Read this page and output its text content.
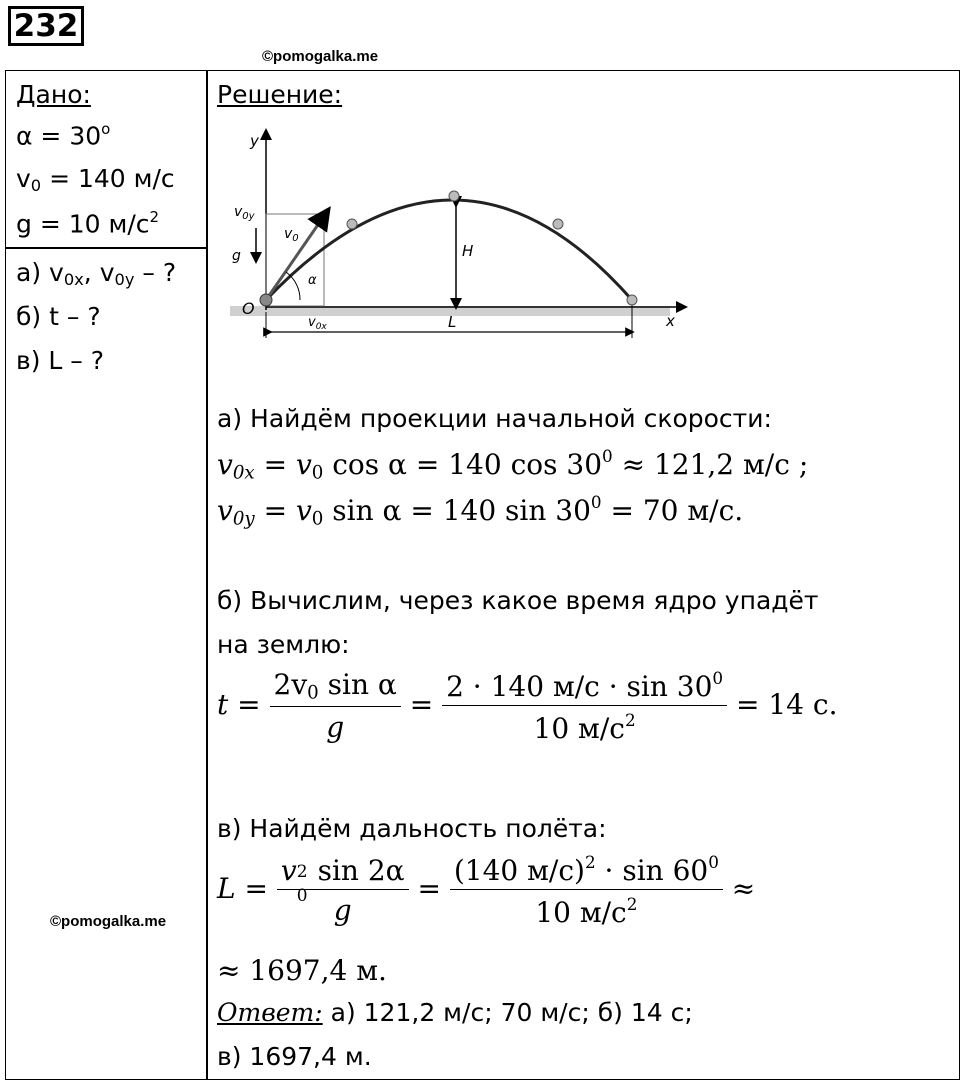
232
©pomogalka.me
Дано:
$\alpha = 30^o$
$v_0 = 140$ м/с
g = 10 $м/с^2$
а) $v_{0x}$, $v_{0y}$ – ?
б) t – ?
в) L – ?
©pomogalka.me
Решение:
y
x
O
α
g
$v_{0y}$
$v_0$
H
L
$v_{0x}$
а) Найдём проекции начальной скорости:
$v_{0x} = v_0$ cos α = 140 $\cos 30^0 \approx 121,2$ м/с ;
$v_{0y} = v_0$ sin α = 140 $\sin 30^0 = 70$ м/с.
б) Вычислим, через какое время ядро упадёт
на землю:
$t = \frac{2v_0 \sin \alpha}{g} = \frac{2 \cdot 140 м/с \cdot \sin 30^0}{10 м/с^2} = 14$ с.
в) Найдём дальность полёта:
L = v 2
0
sin 2α
$g = \frac{(140 м/с)^2 \cdot \sin 60^0}{10 м/с^2}$ ≈
≈ 1697,4 м.
Ответ: а) 121,2 м/с; 70 м/с; б) 14 с;
в) 1697,4 м.
